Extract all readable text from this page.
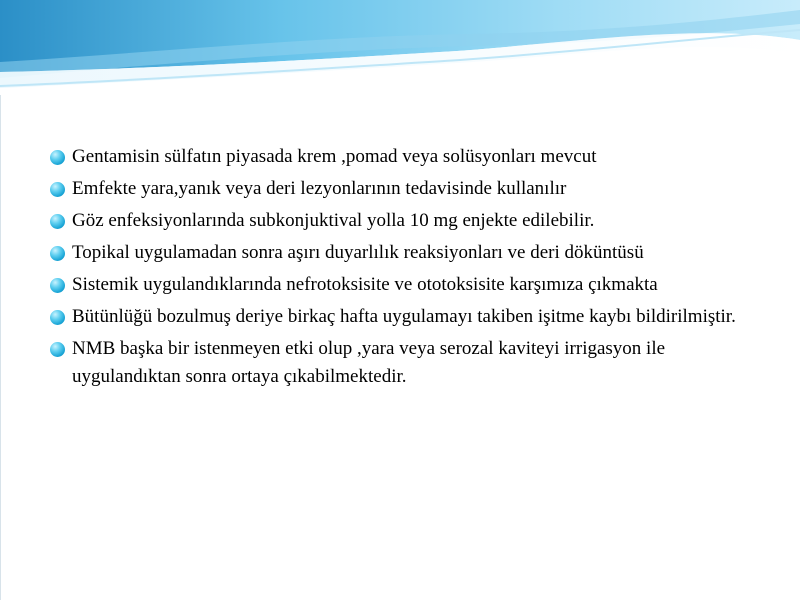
Gentamisin sülfatın piyasada krem ,pomad veya solüsyonları mevcut
Emfekte yara,yanık veya deri lezyonlarının tedavisinde kullanılır
Göz enfeksiyonlarında subkonjuktival yolla 10 mg enjekte edilebilir.
Topikal uygulamadan sonra aşırı duyarlılık reaksiyonları ve deri döküntüsü
Sistemik uygulandıklarında nefrotoksisite ve ototoksisite karşımıza çıkmakta
Bütünlüğü bozulmuş deriye birkaç hafta uygulamayı takiben işitme kaybı bildirilmiştir.
NMB başka bir istenmeyen etki olup ,yara veya serozal kaviteyi irrigasyon ile uygulandıktan sonra ortaya çıkabilmektedir.
